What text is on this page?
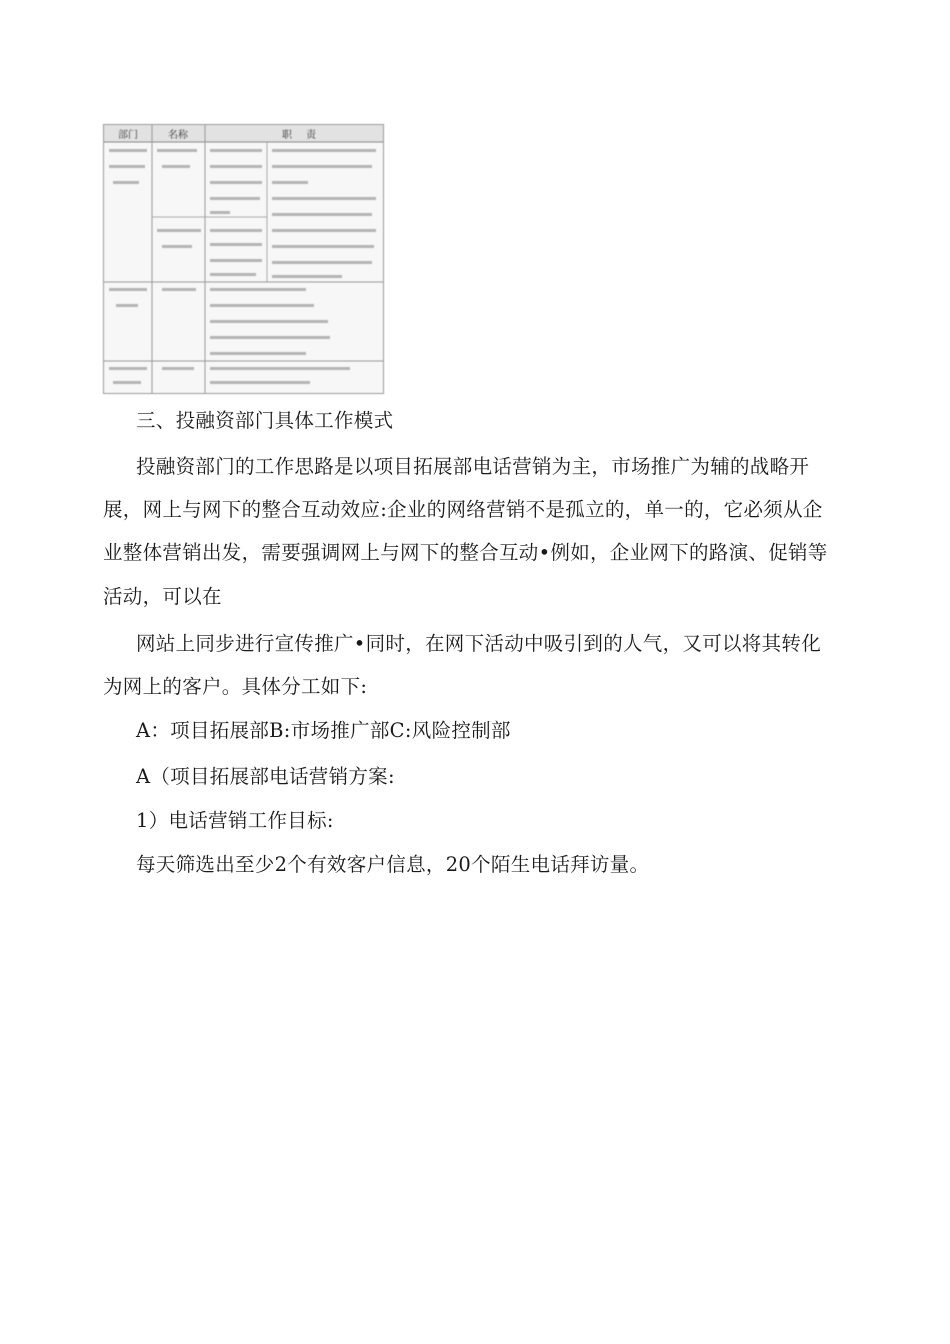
部门	名称	职责
三、投融资部门具体工作模式
投融资部门的工作思路是以项目拓展部电话营销为主，市场推广为辅的战略开
展，网上与网下的整合互动效应:企业的网络营销不是孤立的，单一的，它必须从企
业整体营销出发，需要强调网上与网下的整合互动•例如，企业网下的路演、促销等
活动，可以在
网站上同步进行宣传推广•同时，在网下活动中吸引到的人气，又可以将其转化
为网上的客户。具体分工如下:
A：项目拓展部B:市场推广部C:风险控制部
A（项目拓展部电话营销方案:
1）电话营销工作目标:
每天筛选出至少2个有效客户信息，20个陌生电话拜访量。
